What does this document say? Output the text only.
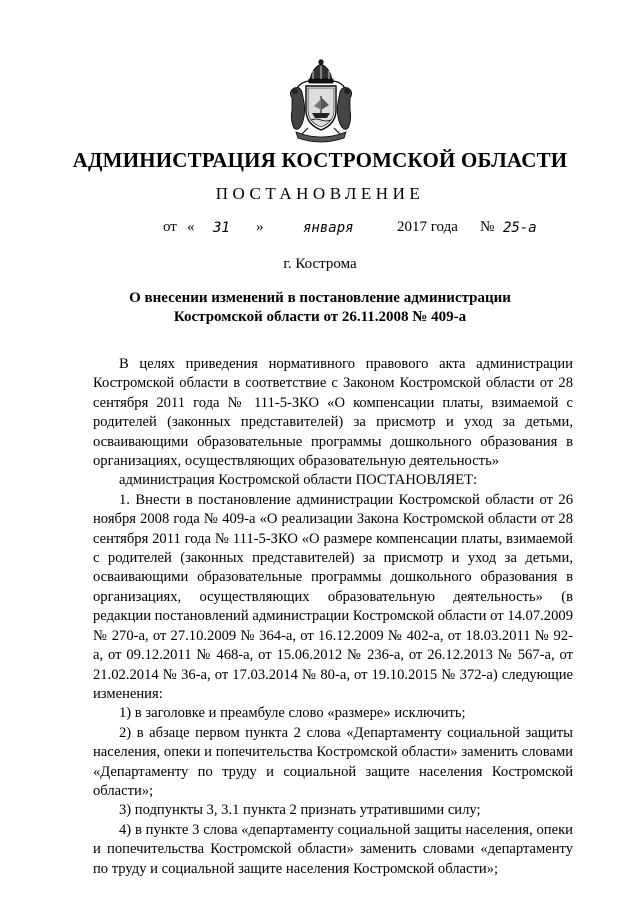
АДМИНИСТРАЦИЯ КОСТРОМСКОЙ ОБЛАСТИ
ПОСТАНОВЛЕНИЕ
от « 31 »	января	2017 года № 25-а
г. Кострома
О внесении изменений в постановление администрации
Костромской области от 26.11.2008 № 409-а

В целях приведения нормативного правового акта администрации Костромской области в соответствие с Законом Костромской области от 28 сентября 2011 года № 111-5-ЗКО «О компенсации платы, взимаемой с родителей (законных представителей) за присмотр и уход за детьми, осваивающими образовательные программы дошкольного образования в организациях, осуществляющих образовательную деятельность»

администрация Костромской области ПОСТАНОВЛЯЕТ:

1. Внести в постановление администрации Костромской области от 26 ноября 2008 года № 409-а «О реализации Закона Костромской области от 28 сентября 2011 года № 111-5-ЗКО «О размере компенсации платы, взимаемой с родителей (законных представителей) за присмотр и уход за детьми, осваивающими образовательные программы дошкольного образования в организациях, осуществляющих образовательную деятельность» (в редакции постановлений администрации Костромской области от 14.07.2009 № 270-а, от 27.10.2009 № 364-а, от 16.12.2009 № 402-а, от 18.03.2011 № 92-а, от 09.12.2011 № 468-а, от 15.06.2012 № 236-а, от 26.12.2013 № 567-а, от 21.02.2014 № 36-а, от 17.03.2014 № 80-а, от 19.10.2015 № 372-а) следующие изменения:

1) в заголовке и преамбуле слово «размере» исключить;

2) в абзаце первом пункта 2 слова «Департаменту социальной защиты населения, опеки и попечительства Костромской области» заменить словами «Департаменту по труду и социальной защите населения Костромской области»;

3) подпункты 3, 3.1 пункта 2 признать утратившими силу;

4) в пункте 3 слова «департаменту социальной защиты населения, опеки и попечительства Костромской области» заменить словами «департаменту по труду и социальной защите населения Костромской области»;
